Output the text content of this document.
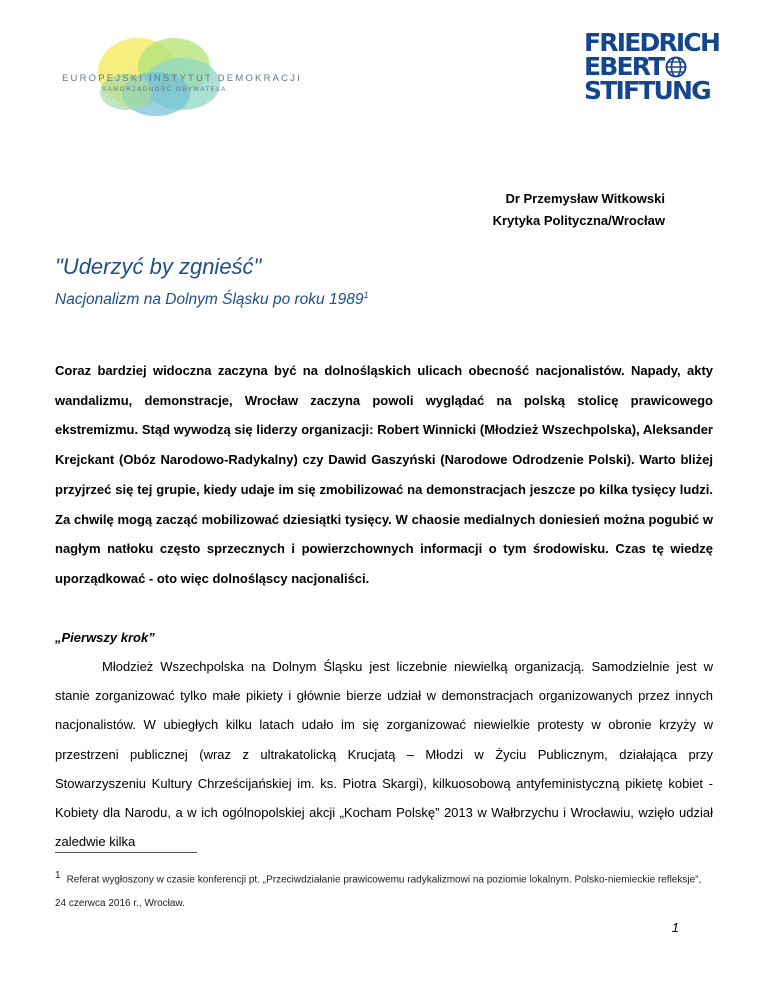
EUROPEJSKI INSTYTUT DEMOKRACJI
SAMORZĄDNOŚĆ OBYWATELA
FRIEDRICH
EBERT
STIFTUNG
Dr Przemysław Witkowski
Krytyka Polityczna/Wrocław
"Uderzyć by zgnieść"
Nacjonalizm na Dolnym Śląsku po roku 1989$^1$
Coraz bardziej widoczna zaczyna być na dolnośląskich ulicach obecność nacjonalistów. Napady, akty wandalizmu, demonstracje, Wrocław zaczyna powoli wyglądać na polską stolicę prawicowego ekstremizmu. Stąd wywodzą się liderzy organizacji: Robert Winnicki (Młodzież Wszechpolska), Aleksander Krejckant (Obóz Narodowo-Radykalny) czy Dawid Gaszyński (Narodowe Odrodzenie Polski). Warto bliżej przyjrzeć się tej grupie, kiedy udaje im się zmobilizować na demonstracjach jeszcze po kilka tysięcy ludzi. Za chwilę mogą zacząć mobilizować dziesiątki tysięcy. W chaosie medialnych doniesień można pogubić w nagłym natłoku często sprzecznych i powierzchownych informacji o tym środowisku. Czas tę wiedzę uporządkować - oto więc dolnośląscy nacjonaliści.
„Pierwszy krok”
Młodzież Wszechpolska na Dolnym Śląsku jest liczebnie niewielką organizacją. Samodzielnie jest w stanie zorganizować tylko małe pikiety i głównie bierze udział w demonstracjach organizowanych przez innych nacjonalistów. W ubiegłych kilku latach udało im się zorganizować niewielkie protesty w obronie krzyży w przestrzeni publicznej (wraz z ultrakatolicką Krucjatą – Młodzi w Życiu Publicznym, działająca przy Stowarzyszeniu Kultury Chrześcijańskiej im. ks. Piotra Skargi), kilkuosobową antyfeministyczną pikietę kobiet - Kobiety dla Narodu, a w ich ogólnopolskiej akcji „Kocham Polskę” 2013 w Wałbrzychu i Wrocławiu, wzięło udział zaledwie kilka
$^1$ Referat wygłoszony w czasie konferencji pt. „Przeciwdziałanie prawicowemu radykalizmowi na poziomie lokalnym. Polsko-niemieckie refleksje”, 24 czerwca 2016 r., Wrocław.
1
